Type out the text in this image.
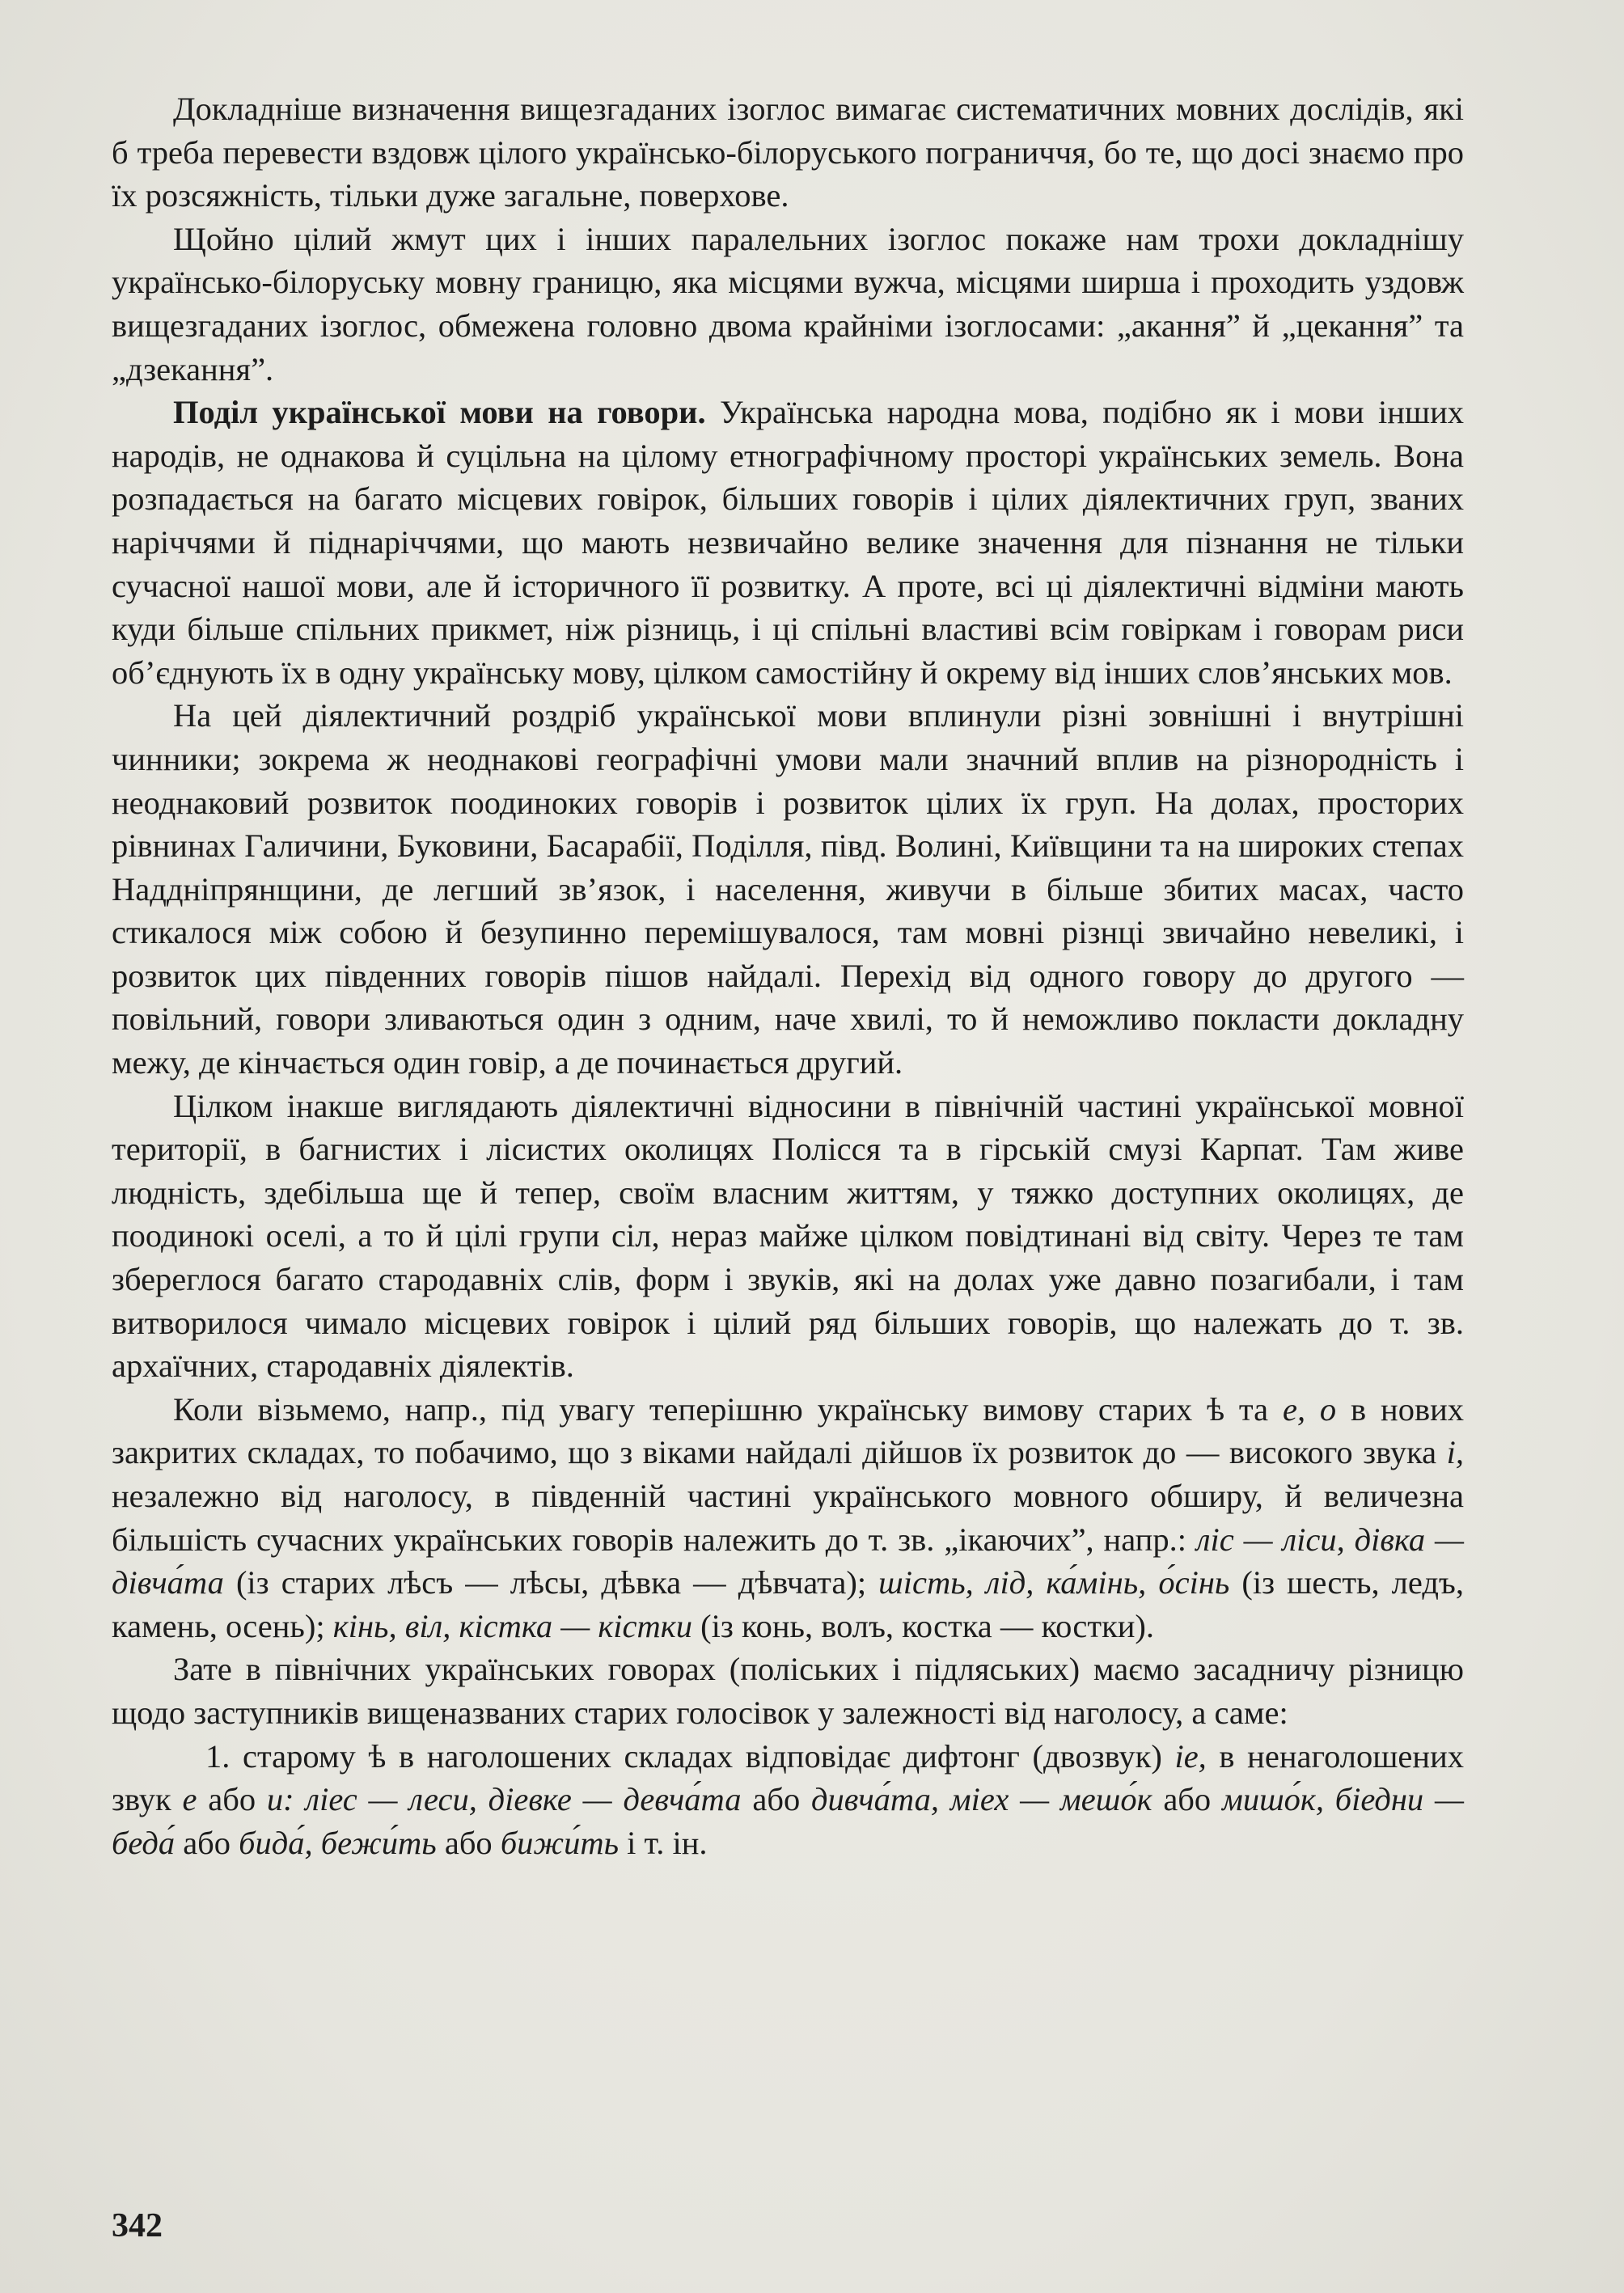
Докладніше визначення вищезгаданих ізоглос вимагає систематичних мовних дослідів, які б треба перевести вздовж цілого українсько-білоруського пограниччя, бо те, що досі знаємо про їх розсяжність, тільки дуже загальне, поверхове.

Щойно цілий жмут цих і інших паралельних ізоглос покаже нам трохи докладнішу українсько-білоруську мовну границю, яка місцями вужча, місцями ширша і проходить уздовж вищезгаданих ізоглос, обмежена головно двома крайніми ізоглосами: „акання” й „цекання” та „дзекання”.

Поділ української мови на говори. Українська народна мова, подібно як і мови інших народів, не однакова й суцільна на цілому етнографічному просторі українських земель. Вона розпадається на багато місцевих говірок, більших говорів і цілих діялектичних груп, званих наріччями й піднаріччями, що мають незвичайно велике значення для пізнання не тільки сучасної нашої мови, але й історичного її розвитку. А проте, всі ці діялектичні відміни мають куди більше спільних прикмет, ніж різниць, і ці спільні властиві всім говіркам і говорам риси об’єднують їх в одну українську мову, цілком самостійну й окрему від інших слов’янських мов.

На цей діялектичний роздріб української мови вплинули різні зовнішні і внутрішні чинники; зокрема ж неоднакові географічні умови мали значний вплив на різнородність і неоднаковий розвиток поодиноких говорів і розвиток цілих їх груп. На долах, просторих рівнинах Галичини, Буковини, Басарабії, Поділля, півд. Волині, Київщини та на широких степах Наддніпрянщини, де легший зв’язок, і населення, живучи в більше збитих масах, часто стикалося між собою й безупинно перемішувалося, там мовні різнці звичайно невеликі, і розвиток цих південних говорів пішов найдалі. Перехід від одного говору до другого — повільний, говори зливаються один з одним, наче хвилі, то й неможливо покласти докладну межу, де кінчається один говір, а де починається другий.

Цілком інакше виглядають діялектичні відносини в північній частині української мовної території, в багнистих і лісистих околицях Полісся та в гірській смузі Карпат. Там живе людність, здебільша ще й тепер, своїм власним життям, у тяжко доступних околицях, де поодинокі оселі, а то й цілі групи сіл, нераз майже цілком повідтинані від світу. Через те там збереглося багато стародавніх слів, форм і звуків, які на долах уже давно позагибали, і там витворилося чимало місцевих говірок і цілий ряд більших говорів, що належать до т. зв. архаїчних, стародавніх діялектів.

Коли візьмемо, напр., під увагу теперішню українську вимову старих ѣ та е, о в нових закритих складах, то побачимо, що з віками найдалі дійшов їх розвиток до — високого звука і, незалежно від наголосу, в південній частині українського мовного обширу, й величезна більшість сучасних українських говорів належить до т. зв. „ікаючих”, напр.: ліс — ліси, дівка — дівча́та (із старих лѣсъ — лѣсы, дѣвка — дѣвчата); шість, лід, ка́мінь, о́сінь (із шесть, ледъ, камень, осень); кінь, віл, кістка — кістки (із конь, волъ, костка — костки).

Зате в північних українських говорах (поліських і підляських) маємо засадничу різницю щодо заступників вищеназваних старих голосівок у залежності від наголосу, а саме:

1. старому ѣ в наголошених складах відповідає дифтонг (двозвук) іе, в ненаголошених звук е або и: ліес — леси, діевке — девча́та або дивча́та, міех — мешо́к або мишо́к, біедни — беда́ або бида́, бежи́ть або бижи́ть і т. ін.

342
